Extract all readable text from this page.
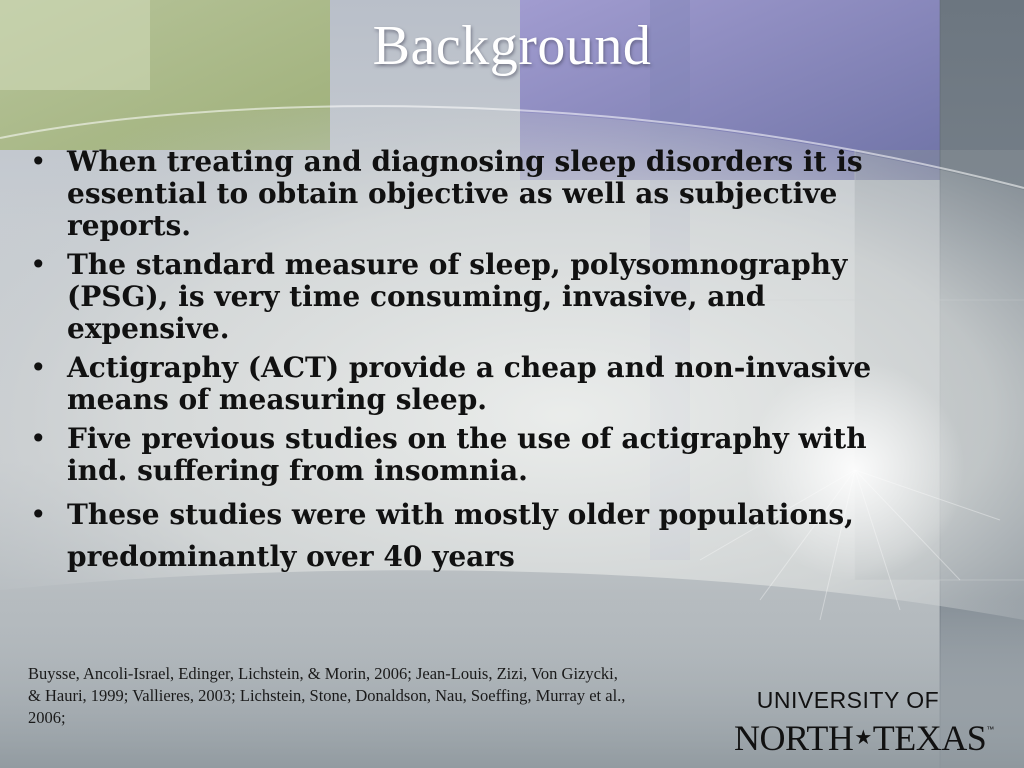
Background
• When treating and diagnosing sleep disorders it is essential to obtain objective as well as subjective reports.
• The standard measure of sleep, polysomnography (PSG), is very time consuming, invasive, and expensive.
• Actigraphy (ACT) provide a cheap and non-invasive means of measuring sleep.
• Five previous studies on the use of actigraphy with ind. suffering from insomnia.
• These studies were with mostly older populations, predominantly over 40 years
Buysse, Ancoli-Israel, Edinger, Lichstein, & Morin, 2006; Jean-Louis, Zizi, Von Gizycki, & Hauri, 1999; Vallieres, 2003; Lichstein, Stone, Donaldson, Nau, Soeffing, Murray et al., 2006;
UNIVERSITY OF
NORTH★TEXAS™
